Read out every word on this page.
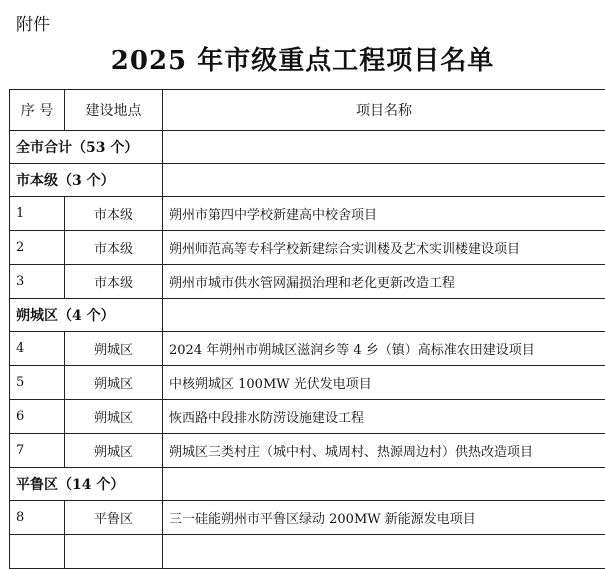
附件
2025 年市级重点工程项目名单
序 号	建设地点	项目名称
全市合计（53 个）		
市本级（3 个）		
1	市本级	朔州市第四中学校新建高中校舍项目
2	市本级	朔州师范高等专科学校新建综合实训楼及艺术实训楼建设项目
3	市本级	朔州市城市供水管网漏损治理和老化更新改造工程
朔城区（4 个）		
4	朔城区	2024 年朔州市朔城区滋润乡等 4 乡（镇）高标准农田建设项目
5	朔城区	中核朔城区 100MW 光伏发电项目
6	朔城区	恢西路中段排水防涝设施建设工程
7	朔城区	朔城区三类村庄（城中村、城周村、热源周边村）供热改造项目
平鲁区（14 个）		
8	平鲁区	三一硅能朔州市平鲁区绿动 200MW 新能源发电项目
